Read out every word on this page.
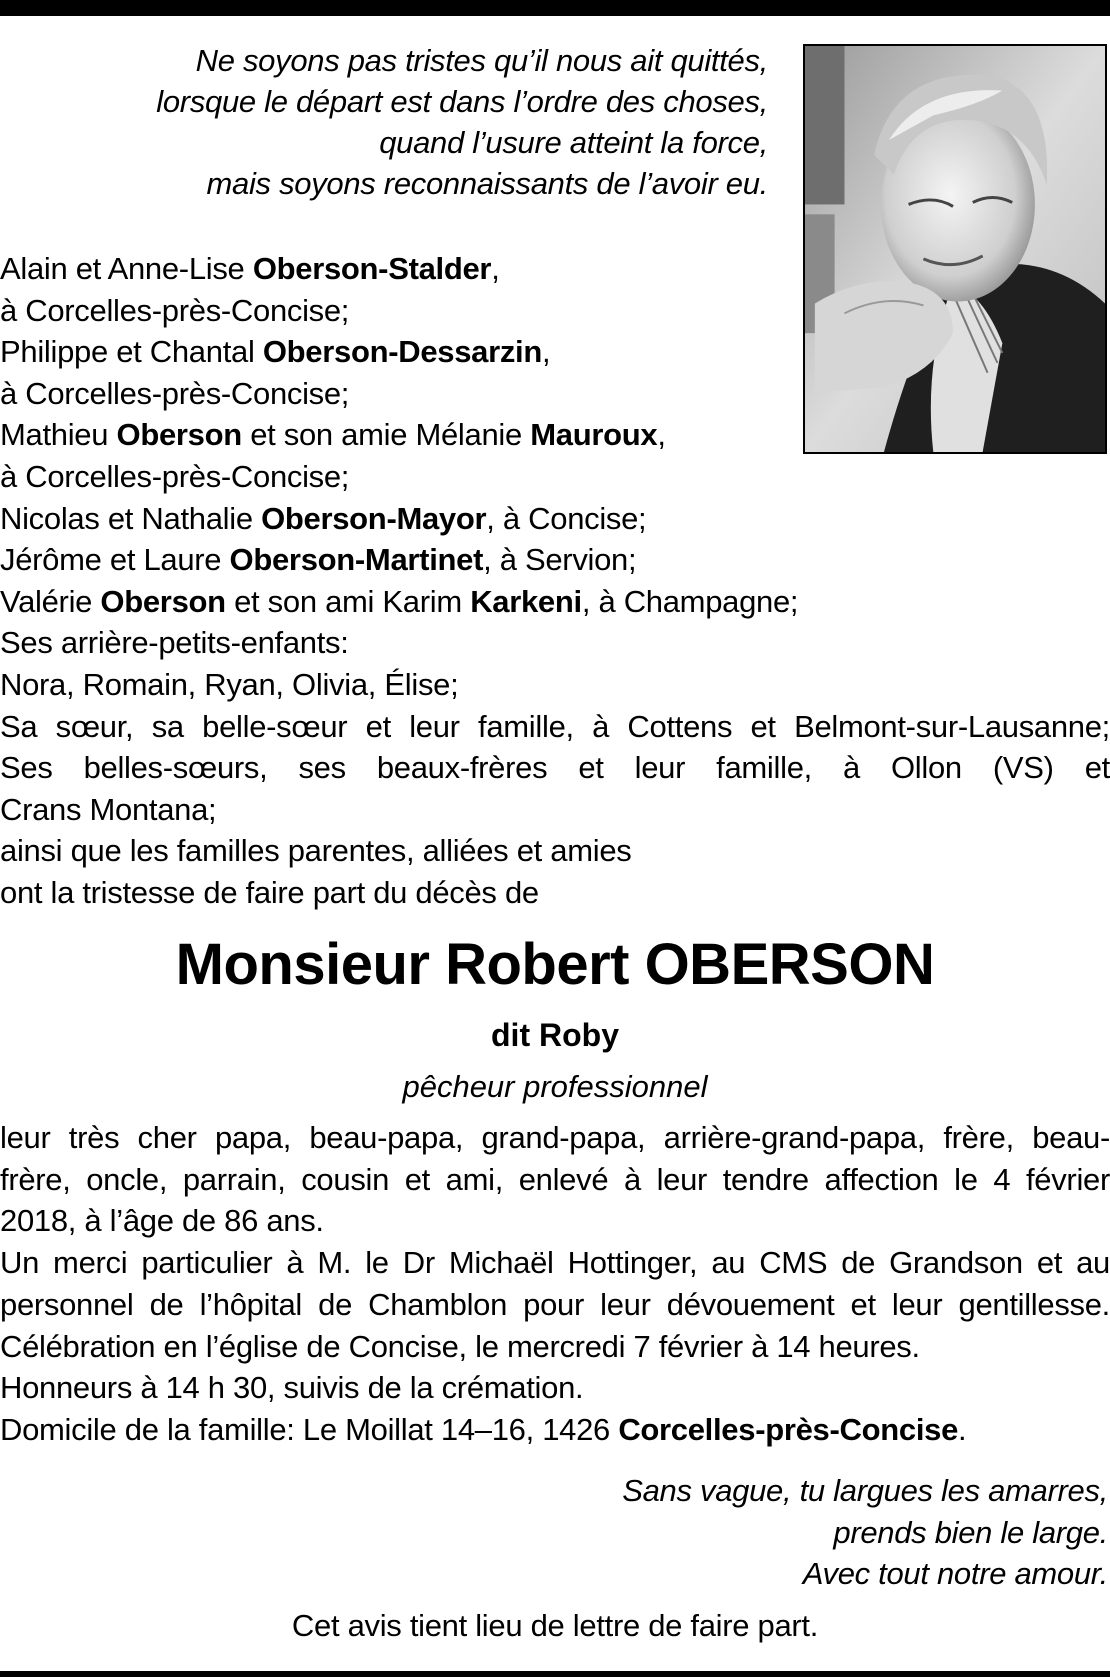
Ne soyons pas tristes qu’il nous ait quittés,
lorsque le départ est dans l’ordre des choses,
quand l’usure atteint la force,
mais soyons reconnaissants de l’avoir eu.
Alain et Anne-Lise Oberson-Stalder,
à Corcelles-près-Concise;
Philippe et Chantal Oberson-Dessarzin,
à Corcelles-près-Concise;
Mathieu Oberson et son amie Mélanie Mauroux,
à Corcelles-près-Concise;
Nicolas et Nathalie Oberson-Mayor, à Concise;
Jérôme et Laure Oberson-Martinet, à Servion;
Valérie Oberson et son ami Karim Karkeni, à Champagne;
Ses arrière-petits-enfants:
Nora, Romain, Ryan, Olivia, Élise;
Sa sœur, sa belle-sœur et leur famille, à Cottens et Belmont-sur-Lausanne;
Ses belles-sœurs, ses beaux-frères et leur famille, à Ollon (VS) et
Crans Montana;
ainsi que les familles parentes, alliées et amies
ont la tristesse de faire part du décès de
Monsieur Robert OBERSON
dit Roby
pêcheur professionnel
leur très cher papa, beau-papa, grand-papa, arrière-grand-papa, frère, beau-
frère, oncle, parrain, cousin et ami, enlevé à leur tendre affection le 4 février
2018, à l’âge de 86 ans.
Un merci particulier à M. le Dr Michaël Hottinger, au CMS de Grandson et au
personnel de l’hôpital de Chamblon pour leur dévouement et leur gentillesse.
Célébration en l’église de Concise, le mercredi 7 février à 14 heures.
Honneurs à 14 h 30, suivis de la crémation.
Domicile de la famille: Le Moillat 14–16, 1426 Corcelles-près-Concise.
Sans vague, tu largues les amarres,
prends bien le large.
Avec tout notre amour.
Cet avis tient lieu de lettre de faire part.
